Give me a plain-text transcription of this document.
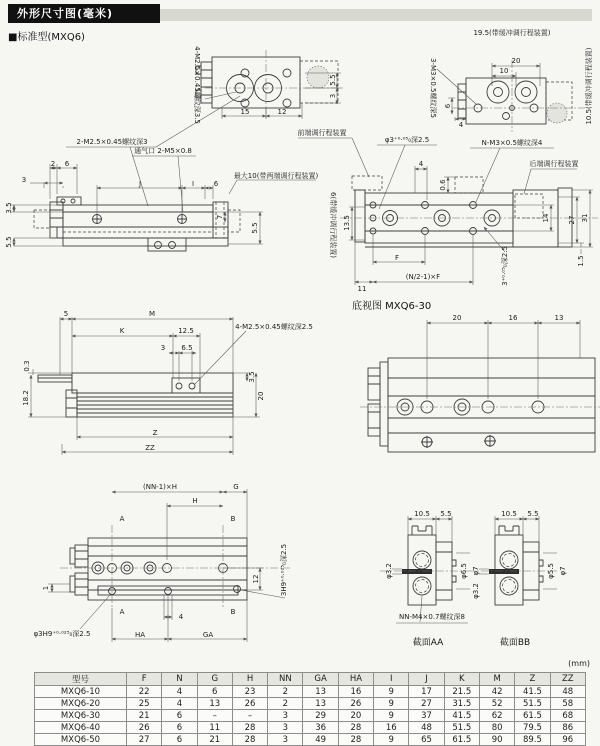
外形尺寸图(毫米)
■标准型(MXQ6)
4-M2.5×0.45螺纹深3.5	15	12
5.5
3
2-M2.5×0.45螺纹深3
19.5(带缓冲调行程装置)
20
10
3-M3×0.5螺纹深5	10.5(带缓冲调行程装置)
6
4
φ3⁺⁰·⁰⁵₀深2.5	N-M3×0.5螺纹深4
通气口 2-M5×0.8
2 6
3	J	I	6
最大10(带两端调行程装置)
3.5
5.5
7
5.5
前端调行程装置
后端调行程装置
4
0.6
14	27 31
1.5
3⁺⁰·⁰⁵₀深2.5
13.5
6(带缓冲调行程装置)
F
(N/2-1)×F
11
底视图 MXQ6-30
20	16	13
5	M
K	12.5
3 6.5
4-M2.5×0.45螺纹深2.5
0.3
18.2
3.5
20
Z
ZZ
(NN-1)×H	G
H
A	B
1
12	3H9⁺⁰·⁰²⁵₀深2.5
A	B
4
φ3H9⁺⁰·⁰²⁵₀深2.5	HA	GA
10.5 5.5
φ3.2	φ6.5 φ7
NN-M4×0.7螺纹深8
截面AA
10.5 5.5
φ3.2
φ5.5 φ7
截面BB
(mm)
型号	F	N	G	H	NN	GA	HA	I	J	K	M	Z	ZZ
MXQ6-10	22	4	6	23	2	13	16	9	17	21.5	42	41.5	48
MXQ6-20	25	4	13	26	2	13	26	9	27	31.5	52	51.5	58
MXQ6-30	21	6	–	–	3	29	20	9	37	41.5	62	61.5	68
MXQ6-40	26	6	11	28	3	36	28	16	48	51.5	80	79.5	86
MXQ6-50	27	6	21	28	3	49	28	9	65	61.5	90	89.5	96
